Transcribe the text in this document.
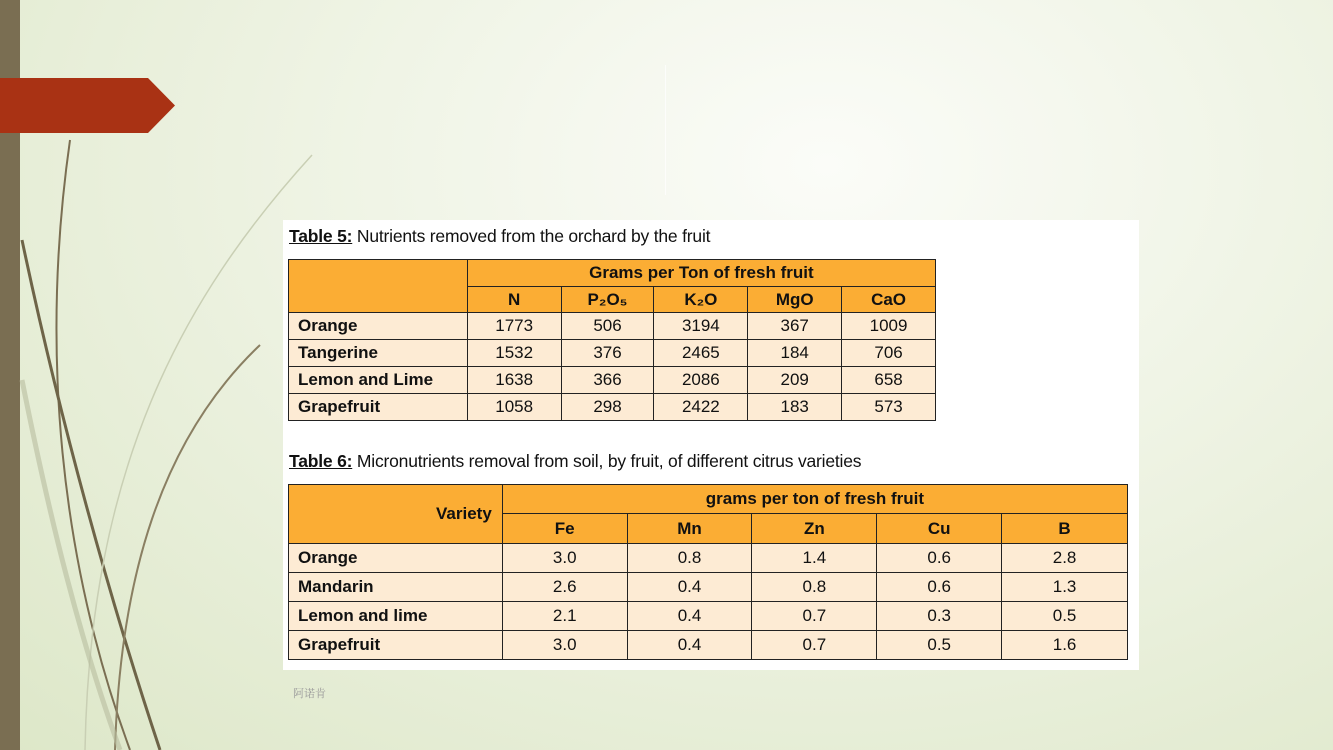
Table 5: Nutrients removed from the orchard by the fruit
	Grams per Ton of fresh fruit				
	N	P₂O₅	K₂O	MgO	CaO
Orange	1773	506	3194	367	1009
Tangerine	1532	376	2465	184	706
Lemon and Lime	1638	366	2086	209	658
Grapefruit	1058	298	2422	183	573
Table 6: Micronutrients removal from soil, by fruit, of different citrus varieties
Variety	grams per ton of fresh fruit				
	Fe	Mn	Zn	Cu	B
Orange	3.0	0.8	1.4	0.6	2.8
Mandarin	2.6	0.4	0.8	0.6	1.3
Lemon and lime	2.1	0.4	0.7	0.3	0.5
Grapefruit	3.0	0.4	0.7	0.5	1.6
阿诺肯
